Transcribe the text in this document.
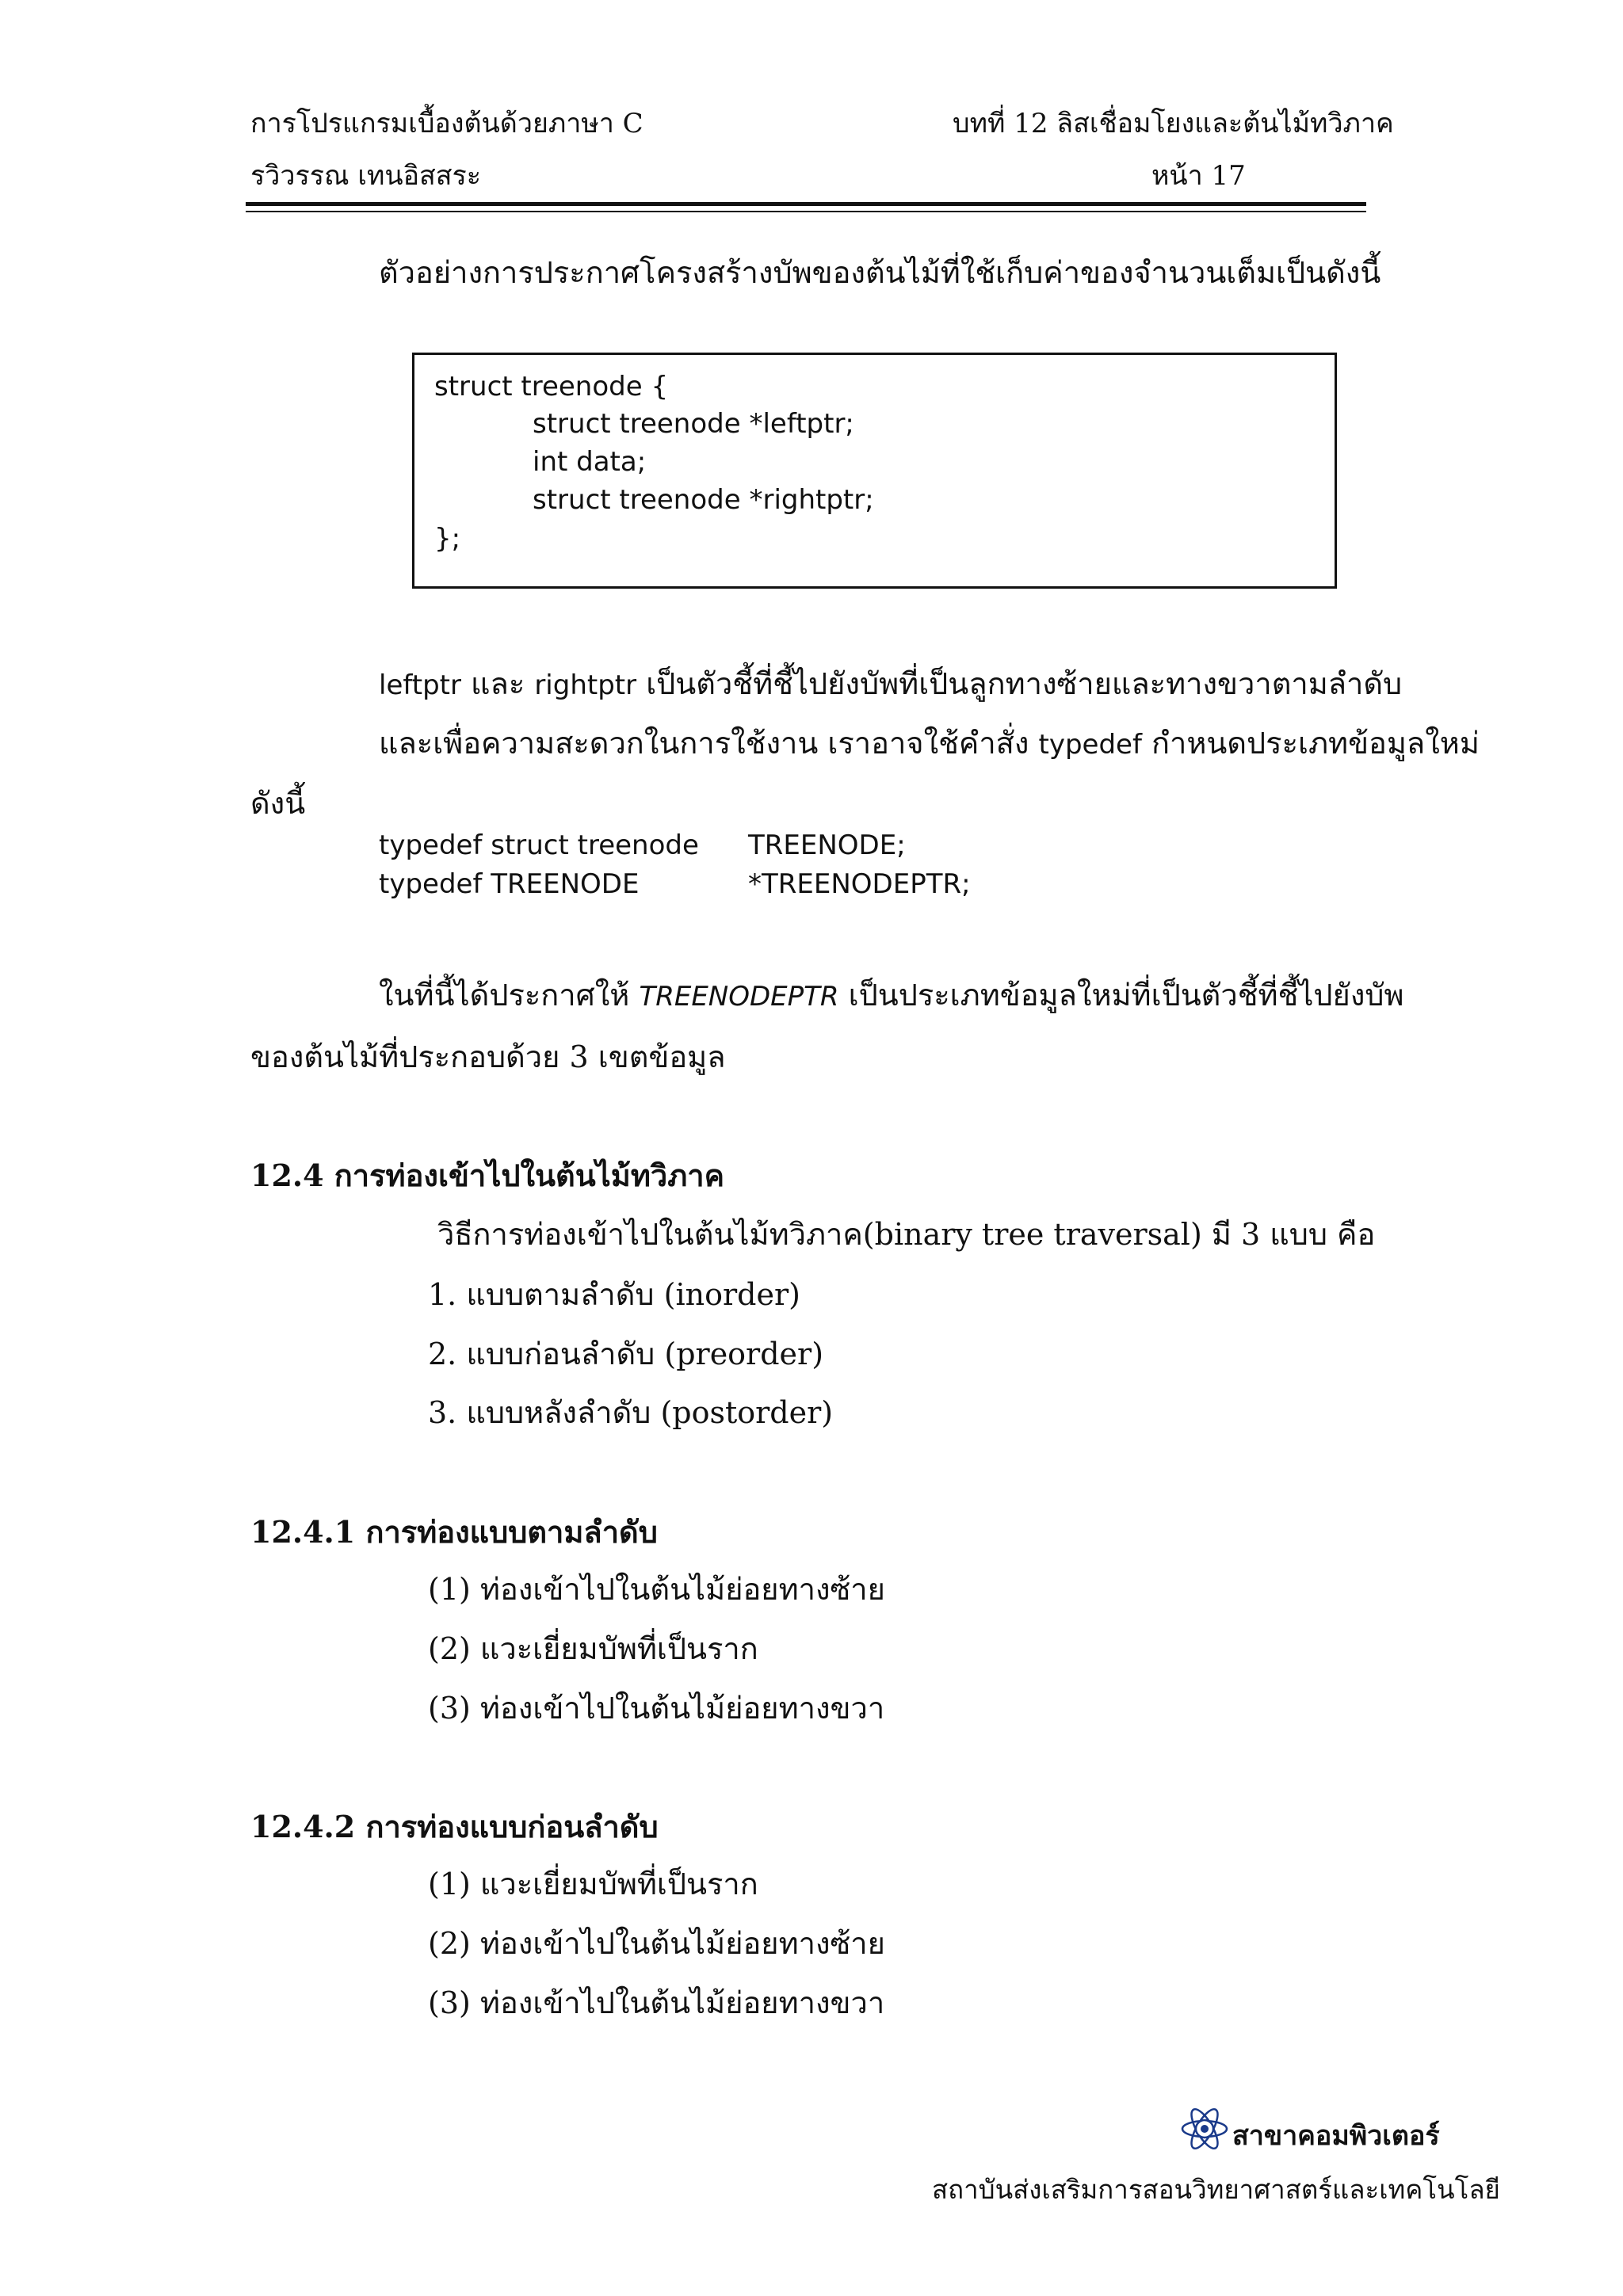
การโปรแกรมเบื้องต้นด้วยภาษา C
รวิวรรณ เทนอิสสระ
บทที่ 12 ลิสเชื่อมโยงและต้นไม้ทวิภาค
หน้า 17
ตัวอย่างการประกาศโครงสร้างบัพของต้นไม้ที่ใช้เก็บค่าของจำนวนเต็มเป็นดังนี้
struct treenode {
struct treenode *leftptr;
int data;
struct treenode *rightptr;
};
leftptr และ rightptr เป็นตัวชี้ที่ชี้ไปยังบัพที่เป็นลูกทางซ้ายและทางขวาตามลำดับ
และเพื่อความสะดวกในการใช้งาน เราอาจใช้คำสั่ง typedef กำหนดประเภทข้อมูลใหม่
ดังนี้
typedef struct treenode TREENODE;
typedef TREENODE	*TREENODEPTR;
ในที่นี้ได้ประกาศให้ TREENODEPTR เป็นประเภทข้อมูลใหม่ที่เป็นตัวชี้ที่ชี้ไปยังบัพ
ของต้นไม้ที่ประกอบด้วย 3 เขตข้อมูล
12.4 การท่องเข้าไปในต้นไม้ทวิภาค
วิธีการท่องเข้าไปในต้นไม้ทวิภาค(binary tree traversal) มี 3 แบบ คือ
1. แบบตามลำดับ (inorder)
2. แบบก่อนลำดับ (preorder)
3. แบบหลังลำดับ (postorder)
12.4.1 การท่องแบบตามลำดับ
(1) ท่องเข้าไปในต้นไม้ย่อยทางซ้าย
(2) แวะเยี่ยมบัพที่เป็นราก
(3) ท่องเข้าไปในต้นไม้ย่อยทางขวา
12.4.2 การท่องแบบก่อนลำดับ
(1) แวะเยี่ยมบัพที่เป็นราก
(2) ท่องเข้าไปในต้นไม้ย่อยทางซ้าย
(3) ท่องเข้าไปในต้นไม้ย่อยทางขวา
สาขาคอมพิวเตอร์
สถาบันส่งเสริมการสอนวิทยาศาสตร์และเทคโนโลยี
